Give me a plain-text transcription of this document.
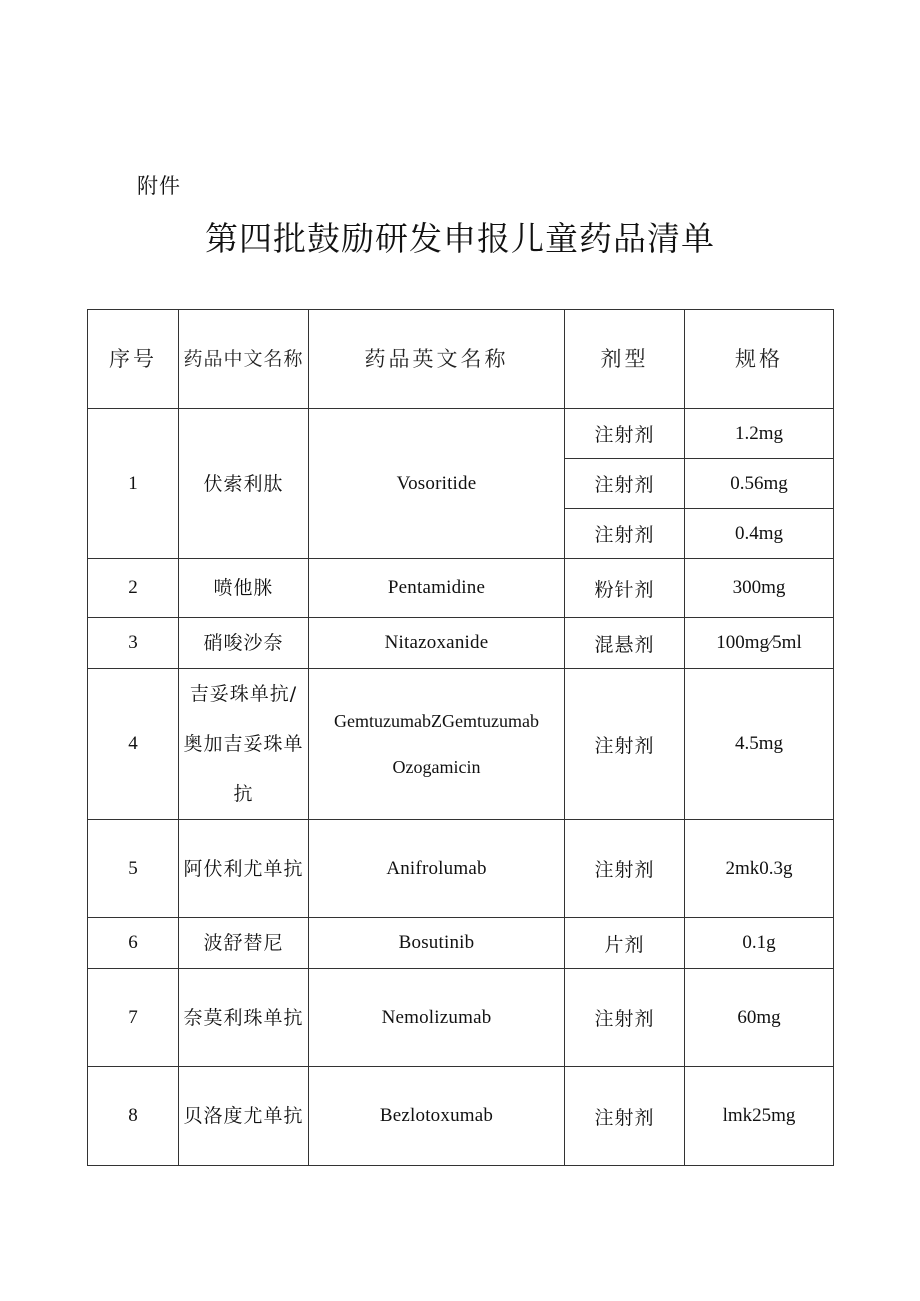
附件
第四批鼓励研发申报儿童药品清单
序号	药品中文名称	药品英文名称	剂型	规格
1	伏索利肽	Vosoritide	注射剂	1.2mg
			注射剂	0.56mg
			注射剂	0.4mg
2	喷他脒	Pentamidine	粉针剂	300mg
3	硝唆沙奈	Nitazoxanide	混悬剂	100mg⁄5ml
4	吉妥珠单抗/奥加吉妥珠单抗	GemtuzumabZGemtuzumab Ozogamicin	注射剂	4.5mg
5	阿伏利尤单抗	Anifrolumab	注射剂	2mk0.3g
6	波舒替尼	Bosutinib	片剂	0.1g
7	奈莫利珠单抗	Nemolizumab	注射剂	60mg
8	贝洛度尤单抗	Bezlotoxumab	注射剂	lmk25mg
